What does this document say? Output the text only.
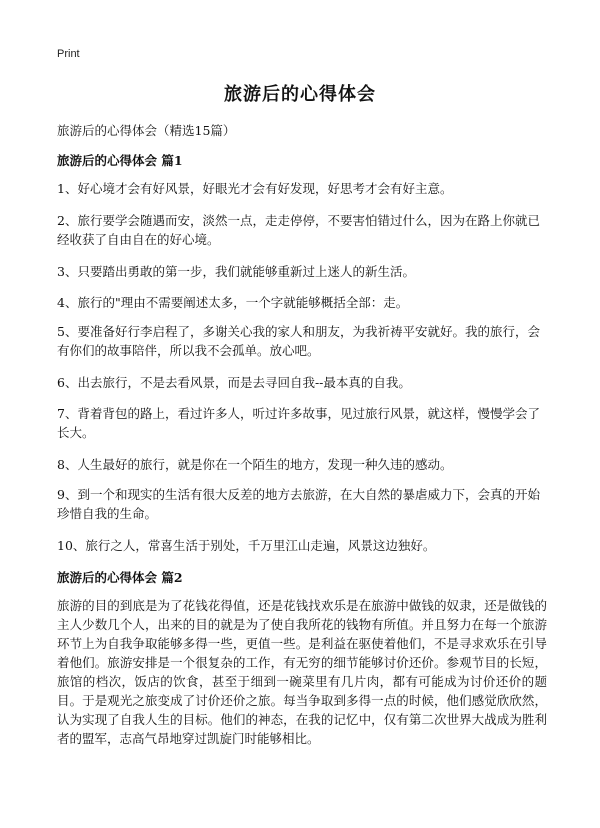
Print
旅游后的心得体会

旅游后的心得体会（精选15篇）

旅游后的心得体会 篇1

1、好心境才会有好风景，好眼光才会有好发现，好思考才会有好主意。

2、旅行要学会随遇而安，淡然一点，走走停停，不要害怕错过什么，因为在路上你就已经收获了自由自在的好心境。

3、只要踏出勇敢的第一步，我们就能够重新过上迷人的新生活。

4、旅行的"理由不需要阐述太多，一个字就能够概括全部：走。

5、要准备好行李启程了，多谢关心我的家人和朋友，为我祈祷平安就好。我的旅行，会有你们的故事陪伴，所以我不会孤单。放心吧。

6、出去旅行，不是去看风景，而是去寻回自我--最本真的自我。

7、背着背包的路上，看过许多人，听过许多故事，见过旅行风景，就这样，慢慢学会了长大。

8、人生最好的旅行，就是你在一个陌生的地方，发现一种久违的感动。

9、到一个和现实的生活有很大反差的地方去旅游，在大自然的暴虐威力下，会真的开始珍惜自我的生命。

10、旅行之人，常喜生活于别处，千万里江山走遍，风景这边独好。

旅游后的心得体会 篇2

旅游的目的到底是为了花钱花得值，还是花钱找欢乐是在旅游中做钱的奴隶，还是做钱的主人少数几个人，出来的目的就是为了使自我所花的钱物有所值。并且努力在每一个旅游环节上为自我争取能够多得一些，更值一些。是利益在驱使着他们，不是寻求欢乐在引导着他们。旅游安排是一个很复杂的工作，有无穷的细节能够讨价还价。参观节目的长短，旅馆的档次，饭店的饮食，甚至于细到一碗菜里有几片肉，都有可能成为讨价还价的题目。于是观光之旅变成了讨价还价之旅。每当争取到多得一点的时候，他们感觉欣欣然，认为实现了自我人生的目标。他们的神态，在我的记忆中，仅有第二次世界大战成为胜利者的盟军，志高气昂地穿过凯旋门时能够相比。
